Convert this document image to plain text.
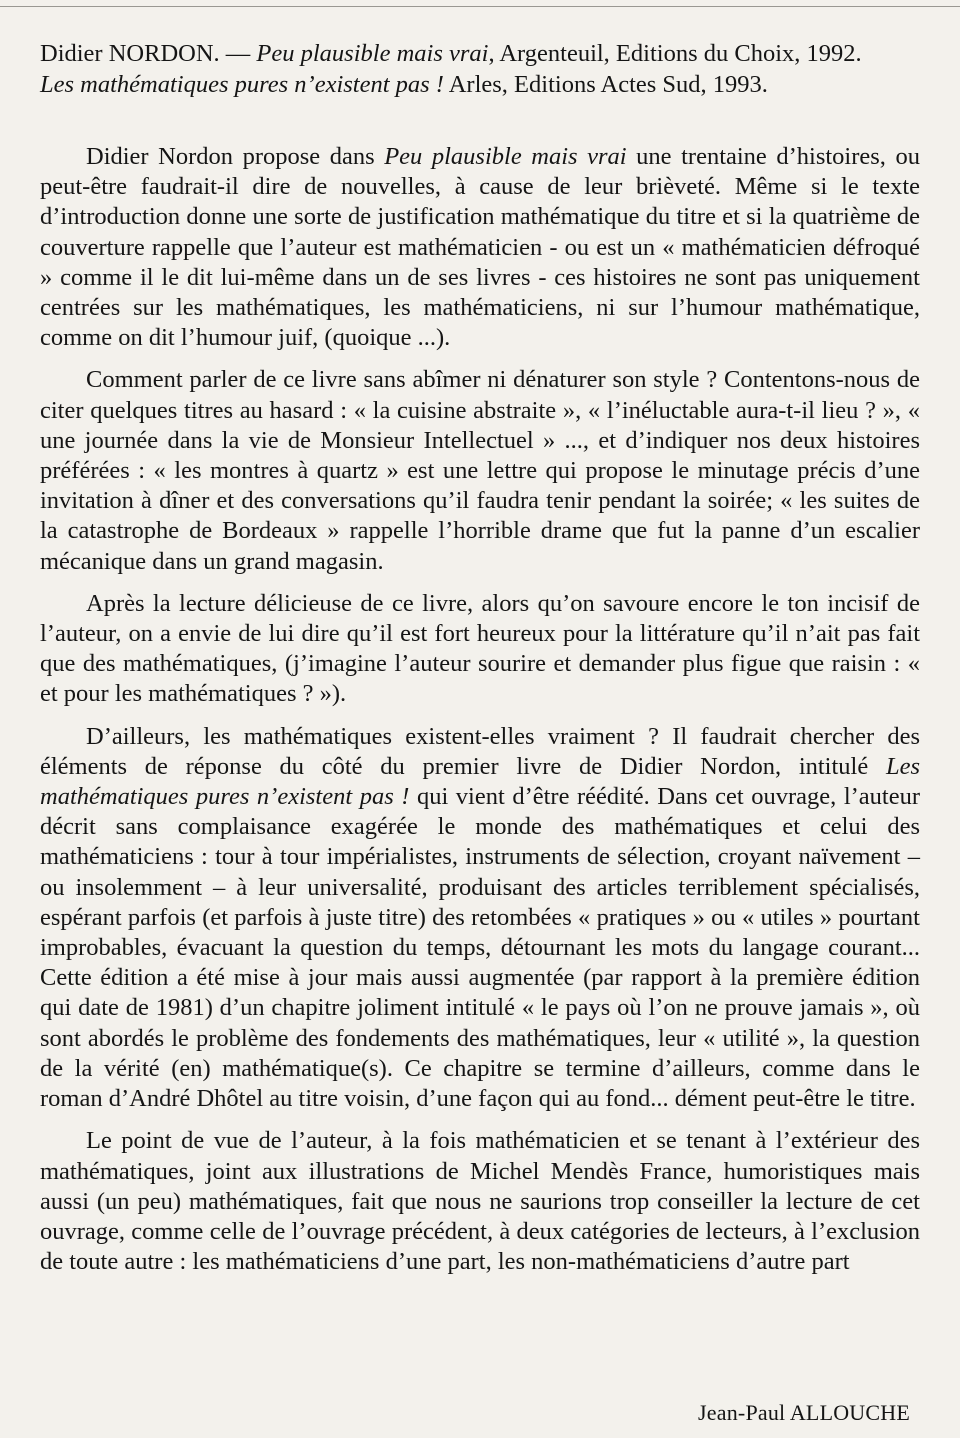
Didier NORDON. — Peu plausible mais vrai, Argenteuil, Editions du Choix, 1992.
Les mathématiques pures n’existent pas ! Arles, Editions Actes Sud, 1993.

Didier Nordon propose dans Peu plausible mais vrai une trentaine d’histoires, ou peut-être faudrait-il dire de nouvelles, à cause de leur brièveté. Même si le texte d’introduction donne une sorte de justification mathématique du titre et si la quatrième de couverture rappelle que l’auteur est mathématicien - ou est un « mathématicien défroqué » comme il le dit lui-même dans un de ses livres - ces histoires ne sont pas uniquement centrées sur les mathématiques, les mathématiciens, ni sur l’humour mathématique, comme on dit l’humour juif, (quoique ...).

Comment parler de ce livre sans abîmer ni dénaturer son style ? Contentons-nous de citer quelques titres au hasard : « la cuisine abstraite », « l’inéluctable aura-t-il lieu ? », « une journée dans la vie de Monsieur Intellectuel » ..., et d’indiquer nos deux histoires préférées : « les montres à quartz » est une lettre qui propose le minutage précis d’une invitation à dîner et des conversations qu’il faudra tenir pendant la soirée; « les suites de la catastrophe de Bordeaux » rappelle l’horrible drame que fut la panne d’un escalier mécanique dans un grand magasin.

Après la lecture délicieuse de ce livre, alors qu’on savoure encore le ton incisif de l’auteur, on a envie de lui dire qu’il est fort heureux pour la littérature qu’il n’ait pas fait que des mathématiques, (j’imagine l’auteur sourire et demander plus figue que raisin : « et pour les mathématiques ? »).

D’ailleurs, les mathématiques existent-elles vraiment ? Il faudrait chercher des éléments de réponse du côté du premier livre de Didier Nordon, intitulé Les mathématiques pures n’existent pas ! qui vient d’être réédité. Dans cet ouvrage, l’auteur décrit sans complaisance exagérée le monde des mathématiques et celui des mathématiciens : tour à tour impérialistes, instruments de sélection, croyant naïvement – ou insolemment – à leur universalité, produisant des articles terriblement spécialisés, espérant parfois (et parfois à juste titre) des retombées « pratiques » ou « utiles » pourtant improbables, évacuant la question du temps, détournant les mots du langage courant... Cette édition a été mise à jour mais aussi augmentée (par rapport à la première édition qui date de 1981) d’un chapitre joliment intitulé « le pays où l’on ne prouve jamais », où sont abordés le problème des fondements des mathématiques, leur « utilité », la question de la vérité (en) mathématique(s). Ce chapitre se termine d’ailleurs, comme dans le roman d’André Dhôtel au titre voisin, d’une façon qui au fond... dément peut-être le titre.

Le point de vue de l’auteur, à la fois mathématicien et se tenant à l’extérieur des mathématiques, joint aux illustrations de Michel Mendès France, humoristiques mais aussi (un peu) mathématiques, fait que nous ne saurions trop conseiller la lecture de cet ouvrage, comme celle de l’ouvrage précédent, à deux catégories de lecteurs, à l’exclusion de toute autre : les mathématiciens d’une part, les non-mathématiciens d’autre part

Jean-Paul ALLOUCHE
